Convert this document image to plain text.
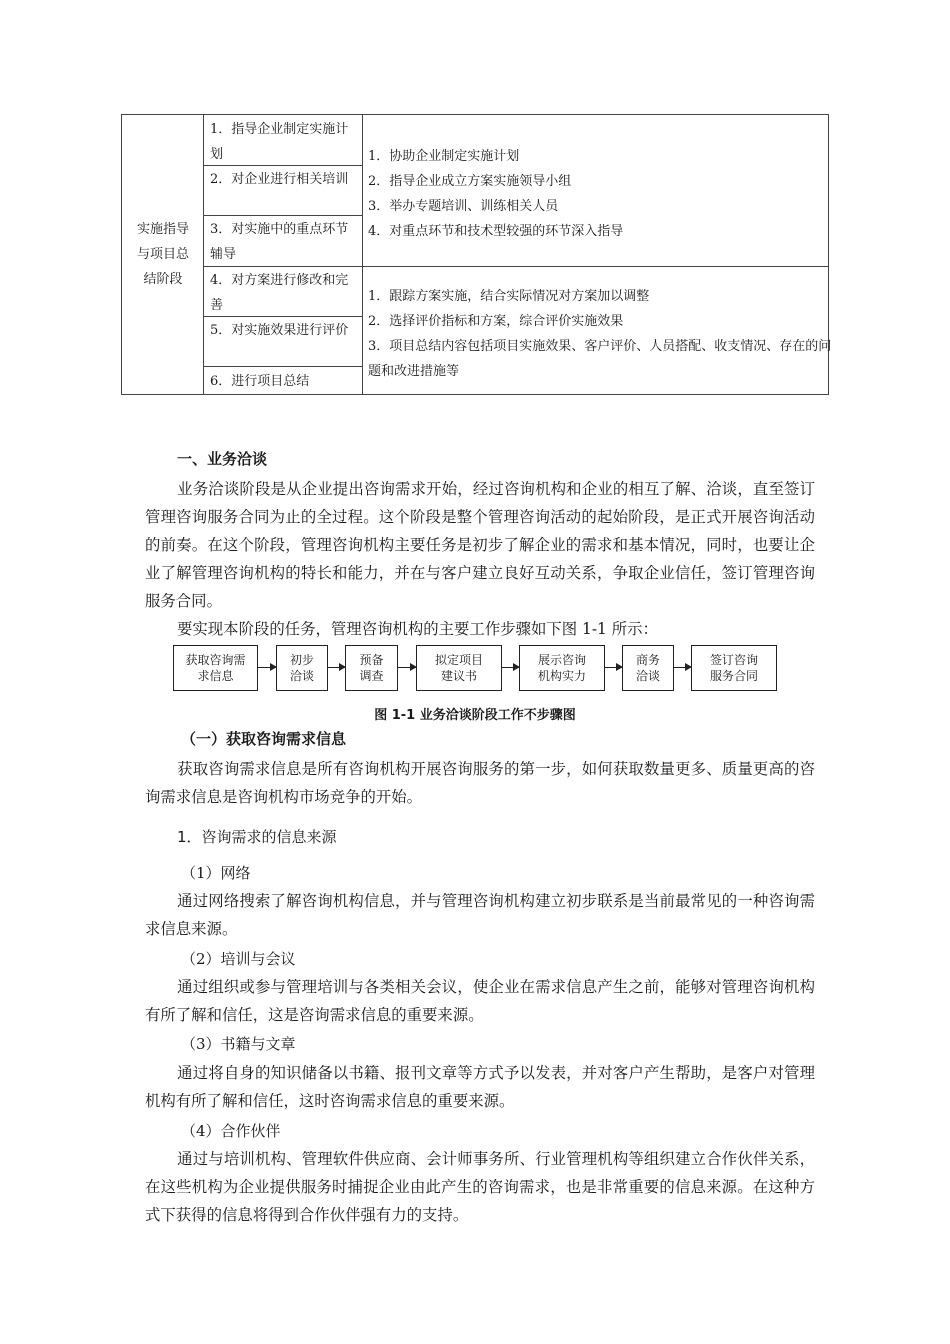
实施指导与项目总结阶段
1．指导企业制定实施计划
2．对企业进行相关培训
3．对实施中的重点环节辅导
4．对方案进行修改和完善
5．对实施效果进行评价
6．进行项目总结
1．协助企业制定实施计划
2．指导企业成立方案实施领导小组
3．举办专题培训、训练相关人员
4．对重点环节和技术型较强的环节深入指导
1．跟踪方案实施，结合实际情况对方案加以调整
2．选择评价指标和方案，综合评价实施效果
3．项目总结内容包括项目实施效果、客户评价、人员搭配、收支情况、存在的问题和改进措施等
一、业务洽谈

业务洽谈阶段是从企业提出咨询需求开始，经过咨询机构和企业的相互了解、洽谈，直至签订管理咨询服务合同为止的全过程。这个阶段是整个管理咨询活动的起始阶段，是正式开展咨询活动的前奏。在这个阶段，管理咨询机构主要任务是初步了解企业的需求和基本情况，同时，也要让企业了解管理咨询机构的特长和能力，并在与客户建立良好互动关系，争取企业信任，签订管理咨询服务合同。

要实现本阶段的任务，管理咨询机构的主要工作步骤如下图 1-1 所示：

获取咨询需求信息
初步洽谈
预备调查
拟定项目建议书
展示咨询机构实力
商务洽谈
签订咨询服务合同
图 1-1 业务洽谈阶段工作不步骤图
（一）获取咨询需求信息

获取咨询需求信息是所有咨询机构开展咨询服务的第一步，如何获取数量更多、质量更高的咨询需求信息是咨询机构市场竞争的开始。

1．咨询需求的信息来源
（1）网络

通过网络搜索了解咨询机构信息，并与管理咨询机构建立初步联系是当前最常见的一种咨询需求信息来源。

（2）培训与会议

通过组织或参与管理培训与各类相关会议，使企业在需求信息产生之前，能够对管理咨询机构有所了解和信任，这是咨询需求信息的重要来源。

（3）书籍与文章

通过将自身的知识储备以书籍、报刊文章等方式予以发表，并对客户产生帮助，是客户对管理机构有所了解和信任，这时咨询需求信息的重要来源。

（4）合作伙伴

通过与培训机构、管理软件供应商、会计师事务所、行业管理机构等组织建立合作伙伴关系，在这些机构为企业提供服务时捕捉企业由此产生的咨询需求，也是非常重要的信息来源。在这种方式下获得的信息将得到合作伙伴强有力的支持。
